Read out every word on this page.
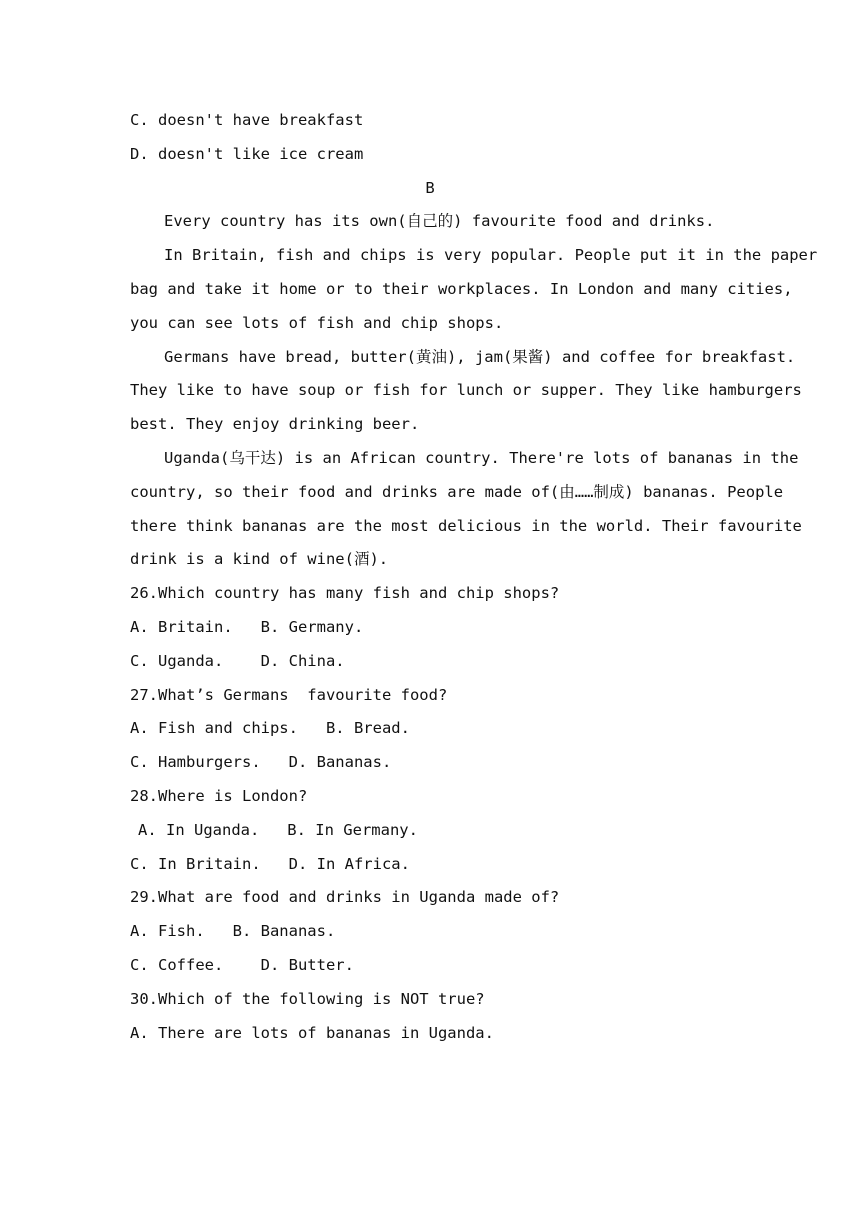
C. doesn't have breakfast
D. doesn't like ice cream
B
Every country has its own(自己的) favourite food and drinks.
In Britain, fish and chips is very popular. People put it in the paper
bag and take it home or to their workplaces. In London and many cities,
you can see lots of fish and chip shops.
Germans have bread, butter(黄油), jam(果酱) and coffee for breakfast.
They like to have soup or fish for lunch or supper. They like hamburgers
best. They enjoy drinking beer.
Uganda(乌干达) is an African country. There're lots of bananas in the
country, so their food and drinks are made of(由……制成) bananas. People
there think bananas are the most delicious in the world. Their favourite
drink is a kind of wine(酒).
26.Which country has many fish and chip shops?
A. Britain.   B. Germany.
C. Uganda.    D. China.
27.What’s Germans  favourite food?
A. Fish and chips.   B. Bread.
C. Hamburgers.   D. Bananas.
28.Where is London?
A. In Uganda.   B. In Germany.
C. In Britain.   D. In Africa.
29.What are food and drinks in Uganda made of?
A. Fish.   B. Bananas.
C. Coffee.    D. Butter.
30.Which of the following is NOT true?
A. There are lots of bananas in Uganda.
